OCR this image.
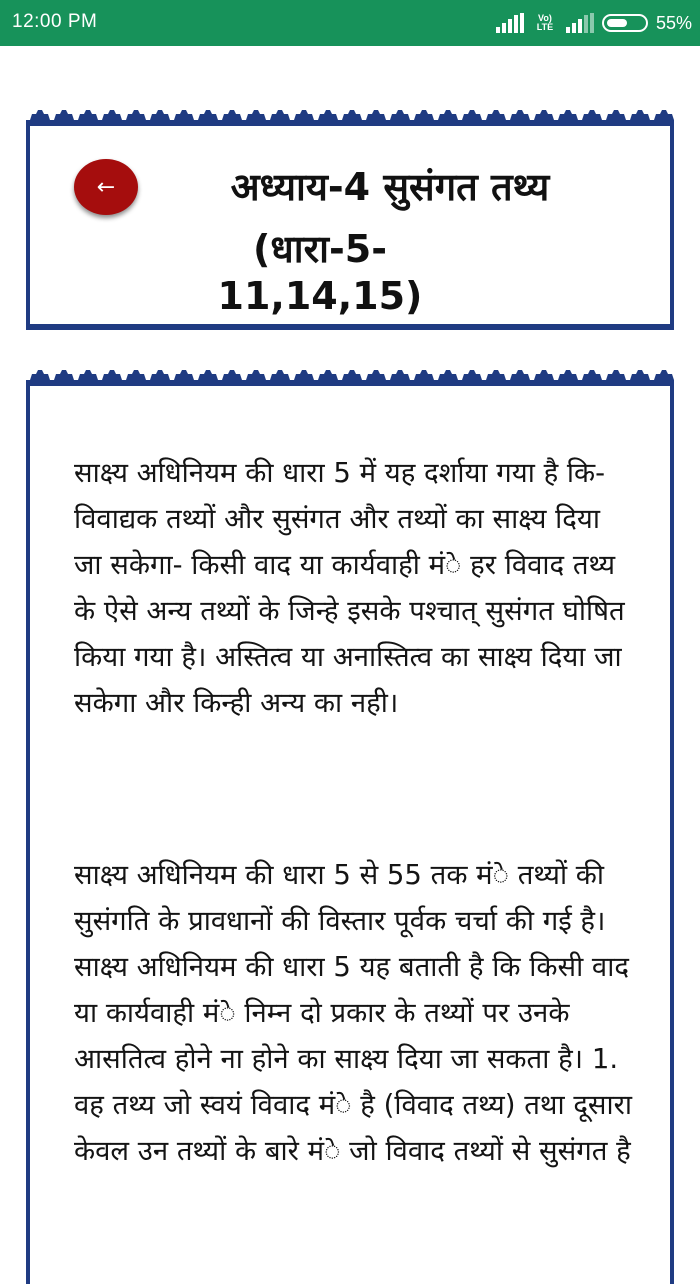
12:00 PM	Vo) LTE	55%
←	अध्याय-4 सुसंगत तथ्य
(धारा-5-11,14,15)

साक्ष्य अधिनियम की धारा 5 में यह दर्शाया गया है कि-विवाद्यक तथ्यों और सुसंगत और तथ्यों का साक्ष्य दिया जा सकेगा- किसी वाद या कार्यवाही मंे हर विवाद तथ्य के ऐसे अन्य तथ्यों के जिन्हे इसके पश्चात् सुसंगत घोषित किया गया है। अस्तित्व या अनास्तित्व का साक्ष्य दिया जा सकेगा और किन्ही अन्य का नही।

साक्ष्य अधिनियम की धारा 5 से 55 तक मंे तथ्यों की सुसंगति के प्रावधानों की विस्तार पूर्वक चर्चा की गई है। साक्ष्य अधिनियम की धारा 5 यह बताती है कि किसी वाद या कार्यवाही मंे निम्न दो प्रकार के तथ्यों पर उनके आसतित्व होने ना होने का साक्ष्य दिया जा सकता है। 1. वह तथ्य जो स्वयं विवाद मंे है (विवाद तथ्य) तथा दूसारा केवल उन तथ्यों के बारे मंे जो विवाद तथ्यों से सुसंगत है
